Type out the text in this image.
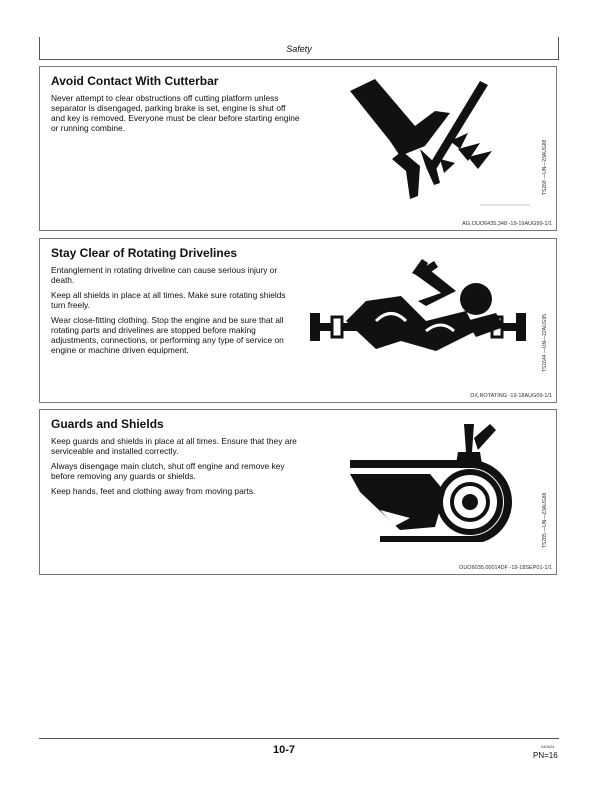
Safety
Avoid Contact With Cutterbar

Never attempt to clear obstructions off cutting platform unless separator is disengaged, parking brake is set, engine is shut off and key is removed. Everyone must be clear before starting engine or running combine.

TS268 —UN—23AUG88
AG,OUO6435,348 -19-19AUG99-1/1
Stay Clear of Rotating Drivelines

Entanglement in rotating driveline can cause serious injury or death.

Keep all shields in place at all times. Make sure rotating shields turn freely.

Wear close-fitting clothing. Stop the engine and be sure that all rotating parts and drivelines are stopped before making adjustments, connections, or performing any type of service on engine or machine driven equipment.	TS1644 —UN—22AUG95
DX,ROTATING -19-18AUG09-1/1
Guards and Shields

Keep guards and shields in place at all times. Ensure that they are serviceable and installed correctly.

Always disengage main clutch, shut off engine and remove key before removing any guards or shields.

Keep hands, feet and clothing away from moving parts.

TS285 —UN—23AUG88
OUO6035,00014DF -19-18SEP01-1/1
10-7	040624
PN=16
